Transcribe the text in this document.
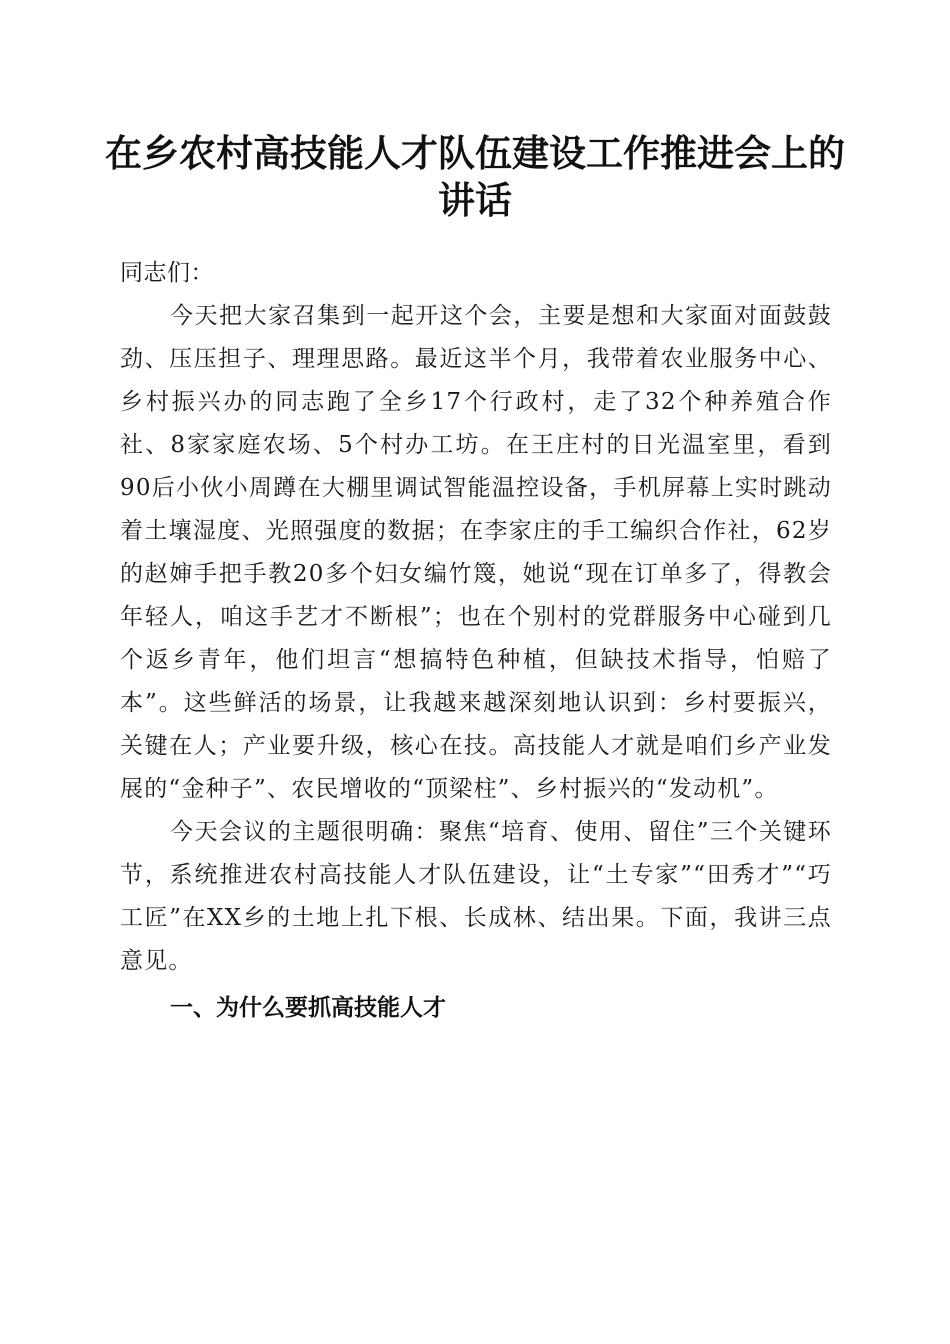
在乡农村高技能人才队伍建设工作推进会上的
讲话

同志们：

今天把大家召集到一起开这个会，主要是想和大家面对面鼓鼓劲、压压担子、理理思路。最近这半个月，我带着农业服务中心、乡村振兴办的同志跑了全乡17个行政村，走了32个种养殖合作社、8家家庭农场、5个村办工坊。在王庄村的日光温室里，看到90后小伙小周蹲在大棚里调试智能温控设备，手机屏幕上实时跳动着土壤湿度、光照强度的数据；在李家庄的手工编织合作社，62岁的赵婶手把手教20多个妇女编竹篾，她说“现在订单多了，得教会年轻人，咱这手艺才不断根”；也在个别村的党群服务中心碰到几个返乡青年，他们坦言“想搞特色种植，但缺技术指导，怕赔了本”。这些鲜活的场景，让我越来越深刻地认识到：乡村要振兴，关键在人；产业要升级，核心在技。高技能人才就是咱们乡产业发展的“金种子”、农民增收的“顶梁柱”、乡村振兴的“发动机”。

今天会议的主题很明确：聚焦“培育、使用、留住”三个关键环节，系统推进农村高技能人才队伍建设，让“土专家”“田秀才”“巧工匠”在XX乡的土地上扎下根、长成林、结出果。下面，我讲三点意见。

一、为什么要抓高技能人才
